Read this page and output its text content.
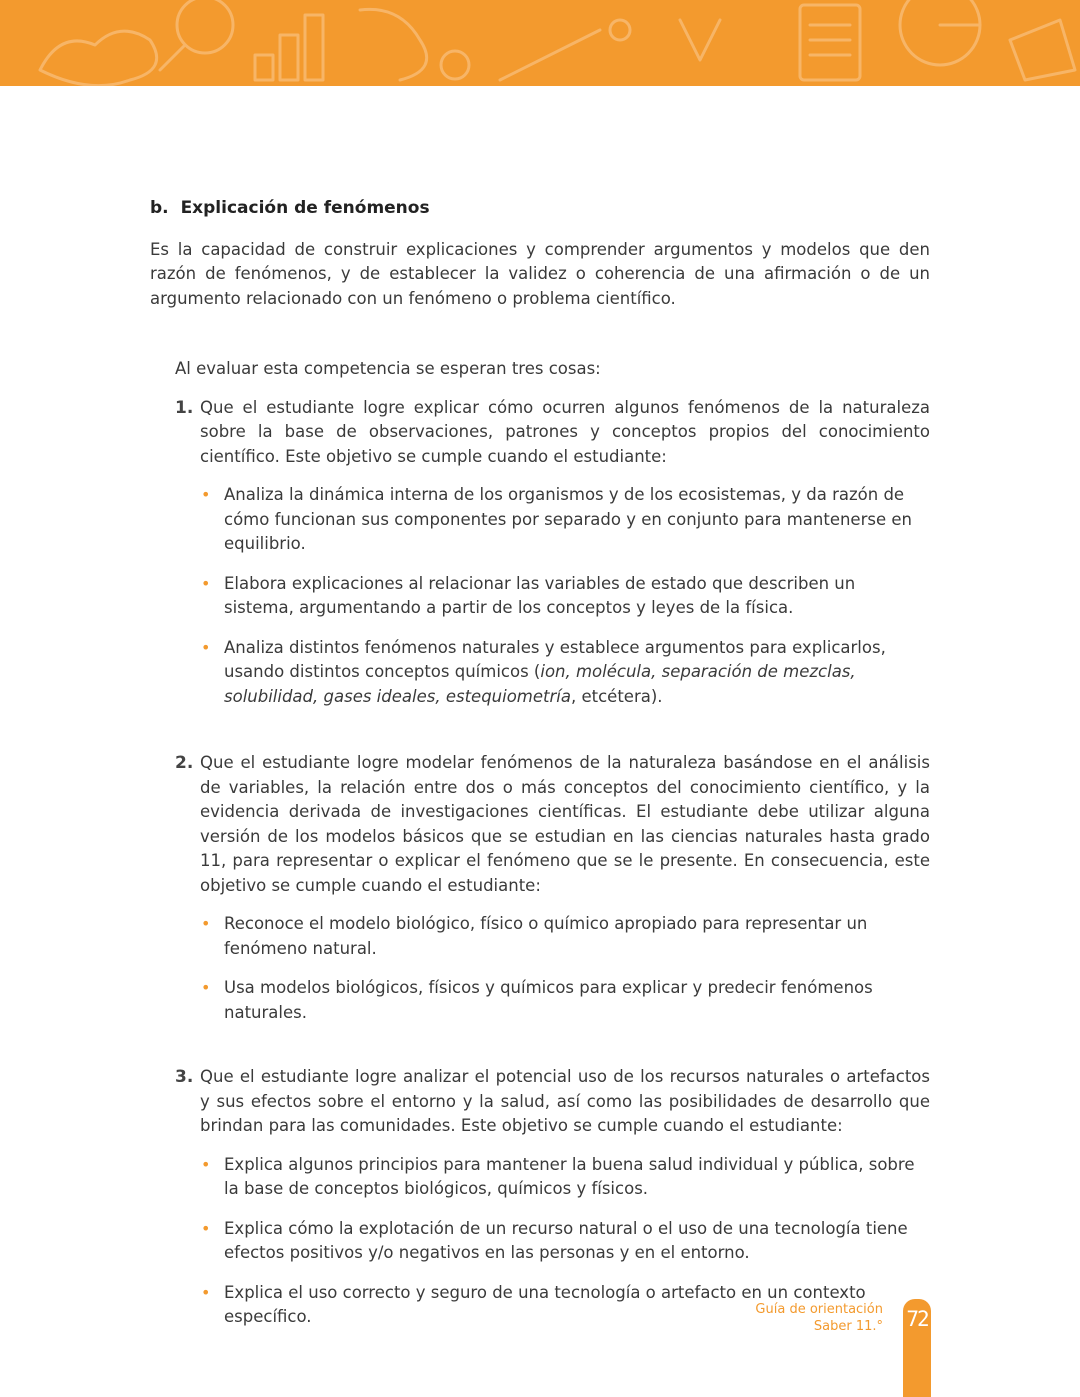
b. Explicación de fenómenos

Es la capacidad de construir explicaciones y comprender argumentos y modelos que den razón de fenómenos, y de establecer la validez o coherencia de una afirmación o de un argumento relacionado con un fenómeno o problema científico.

Al evaluar esta competencia se esperan tres cosas:

1. Que el estudiante logre explicar cómo ocurren algunos fenómenos de la naturaleza sobre la base de observaciones, patrones y conceptos propios del conocimiento científico. Este objetivo se cumple cuando el estudiante:

• Analiza la dinámica interna de los organismos y de los ecosistemas, y da razón de cómo funcionan sus componentes por separado y en conjunto para mantenerse en equilibrio.
• Elabora explicaciones al relacionar las variables de estado que describen un sistema, argumentando a partir de los conceptos y leyes de la física.
• Analiza distintos fenómenos naturales y establece argumentos para explicarlos, usando distintos conceptos químicos (ion, molécula, separación de mezclas, solubilidad, gases ideales, estequiometría, etcétera).
2. Que el estudiante logre modelar fenómenos de la naturaleza basándose en el análisis de variables, la relación entre dos o más conceptos del conocimiento científico, y la evidencia derivada de investigaciones científicas. El estudiante debe utilizar alguna versión de los modelos básicos que se estudian en las ciencias naturales hasta grado 11, para representar o explicar el fenómeno que se le presente. En consecuencia, este objetivo se cumple cuando el estudiante:

• Reconoce el modelo biológico, físico o químico apropiado para representar un fenómeno natural.
• Usa modelos biológicos, físicos y químicos para explicar y predecir fenómenos naturales.
3. Que el estudiante logre analizar el potencial uso de los recursos naturales o artefactos y sus efectos sobre el entorno y la salud, así como las posibilidades de desarrollo que brindan para las comunidades. Este objetivo se cumple cuando el estudiante:

• Explica algunos principios para mantener la buena salud individual y pública, sobre la base de conceptos biológicos, químicos y físicos.
• Explica cómo la explotación de un recurso natural o el uso de una tecnología tiene efectos positivos y/o negativos en las personas y en el entorno.
• Explica el uso correcto y seguro de una tecnología o artefacto en un contexto específico.	Guía de orientación
Saber 11.° 72
